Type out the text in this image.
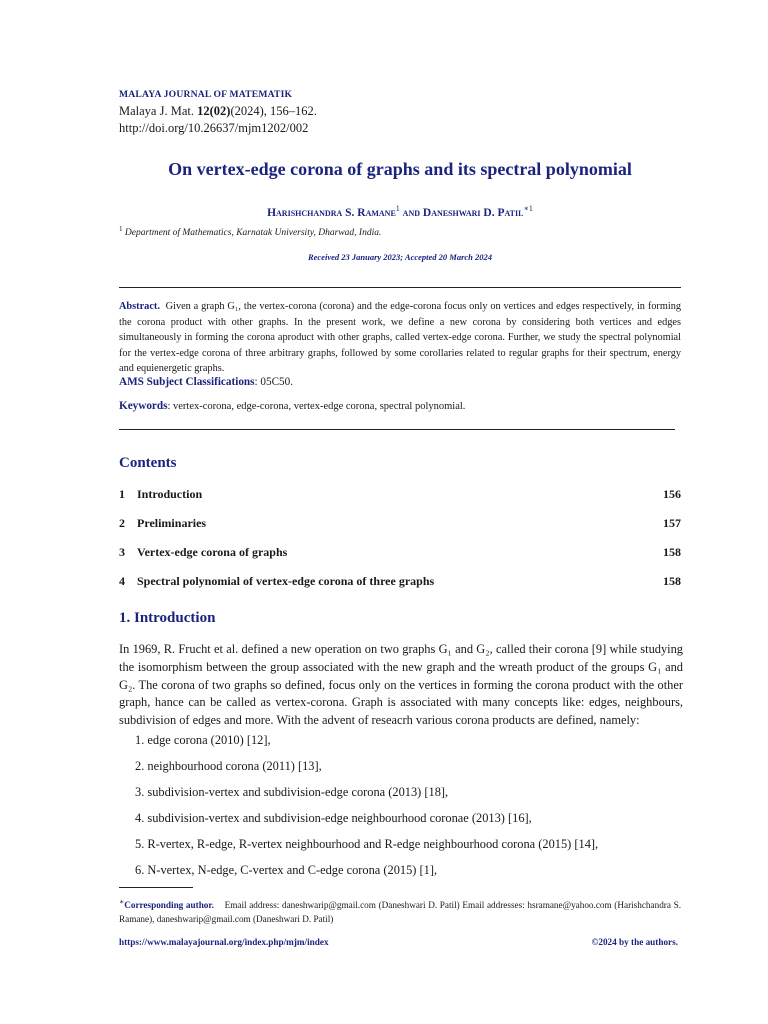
MALAYA JOURNAL OF MATEMATIK
Malaya J. Mat. 12(02)(2024), 156–162.
http://doi.org/10.26637/mjm1202/002
On vertex-edge corona of graphs and its spectral polynomial
Harishchandra S. Ramane$^1$ and Daneshwari D. Patil$^{∗1}$
$^1$ Department of Mathematics, Karnatak University, Dharwad, India.
Received 23 January 2023; Accepted 20 March 2024
Abstract. Given a graph G₁, the vertex-corona (corona) and the edge-corona focus only on vertices and edges respectively, in forming the corona product with other graphs. In the present work, we define a new corona by considering both vertices and edges simultaneously in forming the corona aproduct with other graphs, called vertex-edge corona. Further, we study the spectral polynomial for the vertex-edge corona of three arbitrary graphs, followed by some corollaries related to regular graphs for their spectrum, energy and equienergetic graphs.
AMS Subject Classifications: 05C50.
Keywords: vertex-corona, edge-corona, vertex-edge corona, spectral polynomial.
Contents
1 Introduction	156
2 Preliminaries	157
3 Vertex-edge corona of graphs	158
4 Spectral polynomial of vertex-edge corona of three graphs	158
1. Introduction
In 1969, R. Frucht et al. defined a new operation on two graphs G₁ and G₂, called their corona [9] while studying the isomorphism between the group associated with the new graph and the wreath product of the groups G₁ and G₂. The corona of two graphs so defined, focus only on the vertices in forming the corona product with the other graph, hance can be called as vertex-corona. Graph is associated with many concepts like: edges, neighbours, subdivision of edges and more. With the advent of reseacrh various corona products are defined, namely:
1. edge corona (2010) [12],
2. neighbourhood corona (2011) [13],
3. subdivision-vertex and subdivision-edge corona (2013) [18],
4. subdivision-vertex and subdivision-edge neighbourhood coronae (2013) [16],
5. R-vertex, R-edge, R-vertex neighbourhood and R-edge neighbourhood corona (2015) [14],
6. N-vertex, N-edge, C-vertex and C-edge corona (2015) [1],
∗Corresponding author. Email address: daneshwarip@gmail.com (Daneshwari D. Patil) Email addresses: hsramane@yahoo.com (Harishchandra S. Ramane), daneshwarip@gmail.com (Daneshwari D. Patil)
https://www.malayajournal.org/index.php/mjm/index	©2024 by the authors.
